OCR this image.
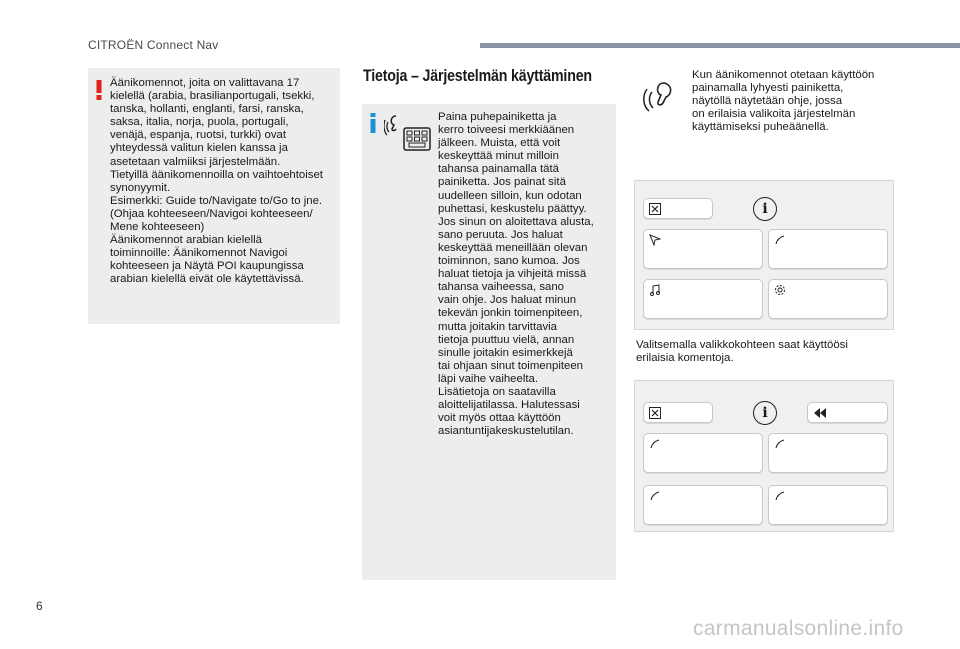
CITROËN Connect Nav
Äänikomennot, joita on valittavana 17
kielellä (arabia, brasilianportugali, tsekki,
tanska, hollanti, englanti, farsi, ranska,
saksa, italia, norja, puola, portugali,
venäjä, espanja, ruotsi, turkki) ovat
yhteydessä valitun kielen kanssa ja
asetetaan valmiiksi järjestelmään.
Tietyillä äänikomennoilla on vaihtoehtoiset
synonyymit.
Esimerkki: Guide to/Navigate to/Go to jne.
(Ohjaa kohteeseen/Navigoi kohteeseen/
Mene kohteeseen)
Äänikomennot arabian kielellä
toiminnoille: Äänikomennot Navigoi
kohteeseen ja Näytä POI kaupungissa
arabian kielellä eivät ole käytettävissä.
Tietoja – Järjestelmän käyttäminen
Paina puhepainiketta ja
kerro toiveesi merkkiäänen
jälkeen. Muista, että voit
keskeyttää minut milloin
tahansa painamalla tätä
painiketta. Jos painat sitä
uudelleen silloin, kun odotan
puhettasi, keskustelu päättyy.
Jos sinun on aloitettava alusta,
sano peruuta. Jos haluat
keskeyttää meneillään olevan
toiminnon, sano kumoa. Jos
haluat tietoja ja vihjeitä missä
tahansa vaiheessa, sano
vain ohje. Jos haluat minun
tekevän jonkin toimenpiteen,
mutta joitakin tarvittavia
tietoja puuttuu vielä, annan
sinulle joitakin esimerkkejä
tai ohjaan sinut toimenpiteen
läpi vaihe vaiheelta.
Lisätietoja on saatavilla
aloittelijatilassa. Halutessasi
voit myös ottaa käyttöön
asiantuntijakeskustelutilan.
Kun äänikomennot otetaan käyttöön
painamalla lyhyesti painiketta,
näytöllä näytetään ohje, jossa
on erilaisia valikoita järjestelmän
käyttämiseksi puheäänellä.
i
Valitsemalla valikkokohteen saat käyttöösi
erilaisia komentoja.
i
6
carmanualsonline.info
